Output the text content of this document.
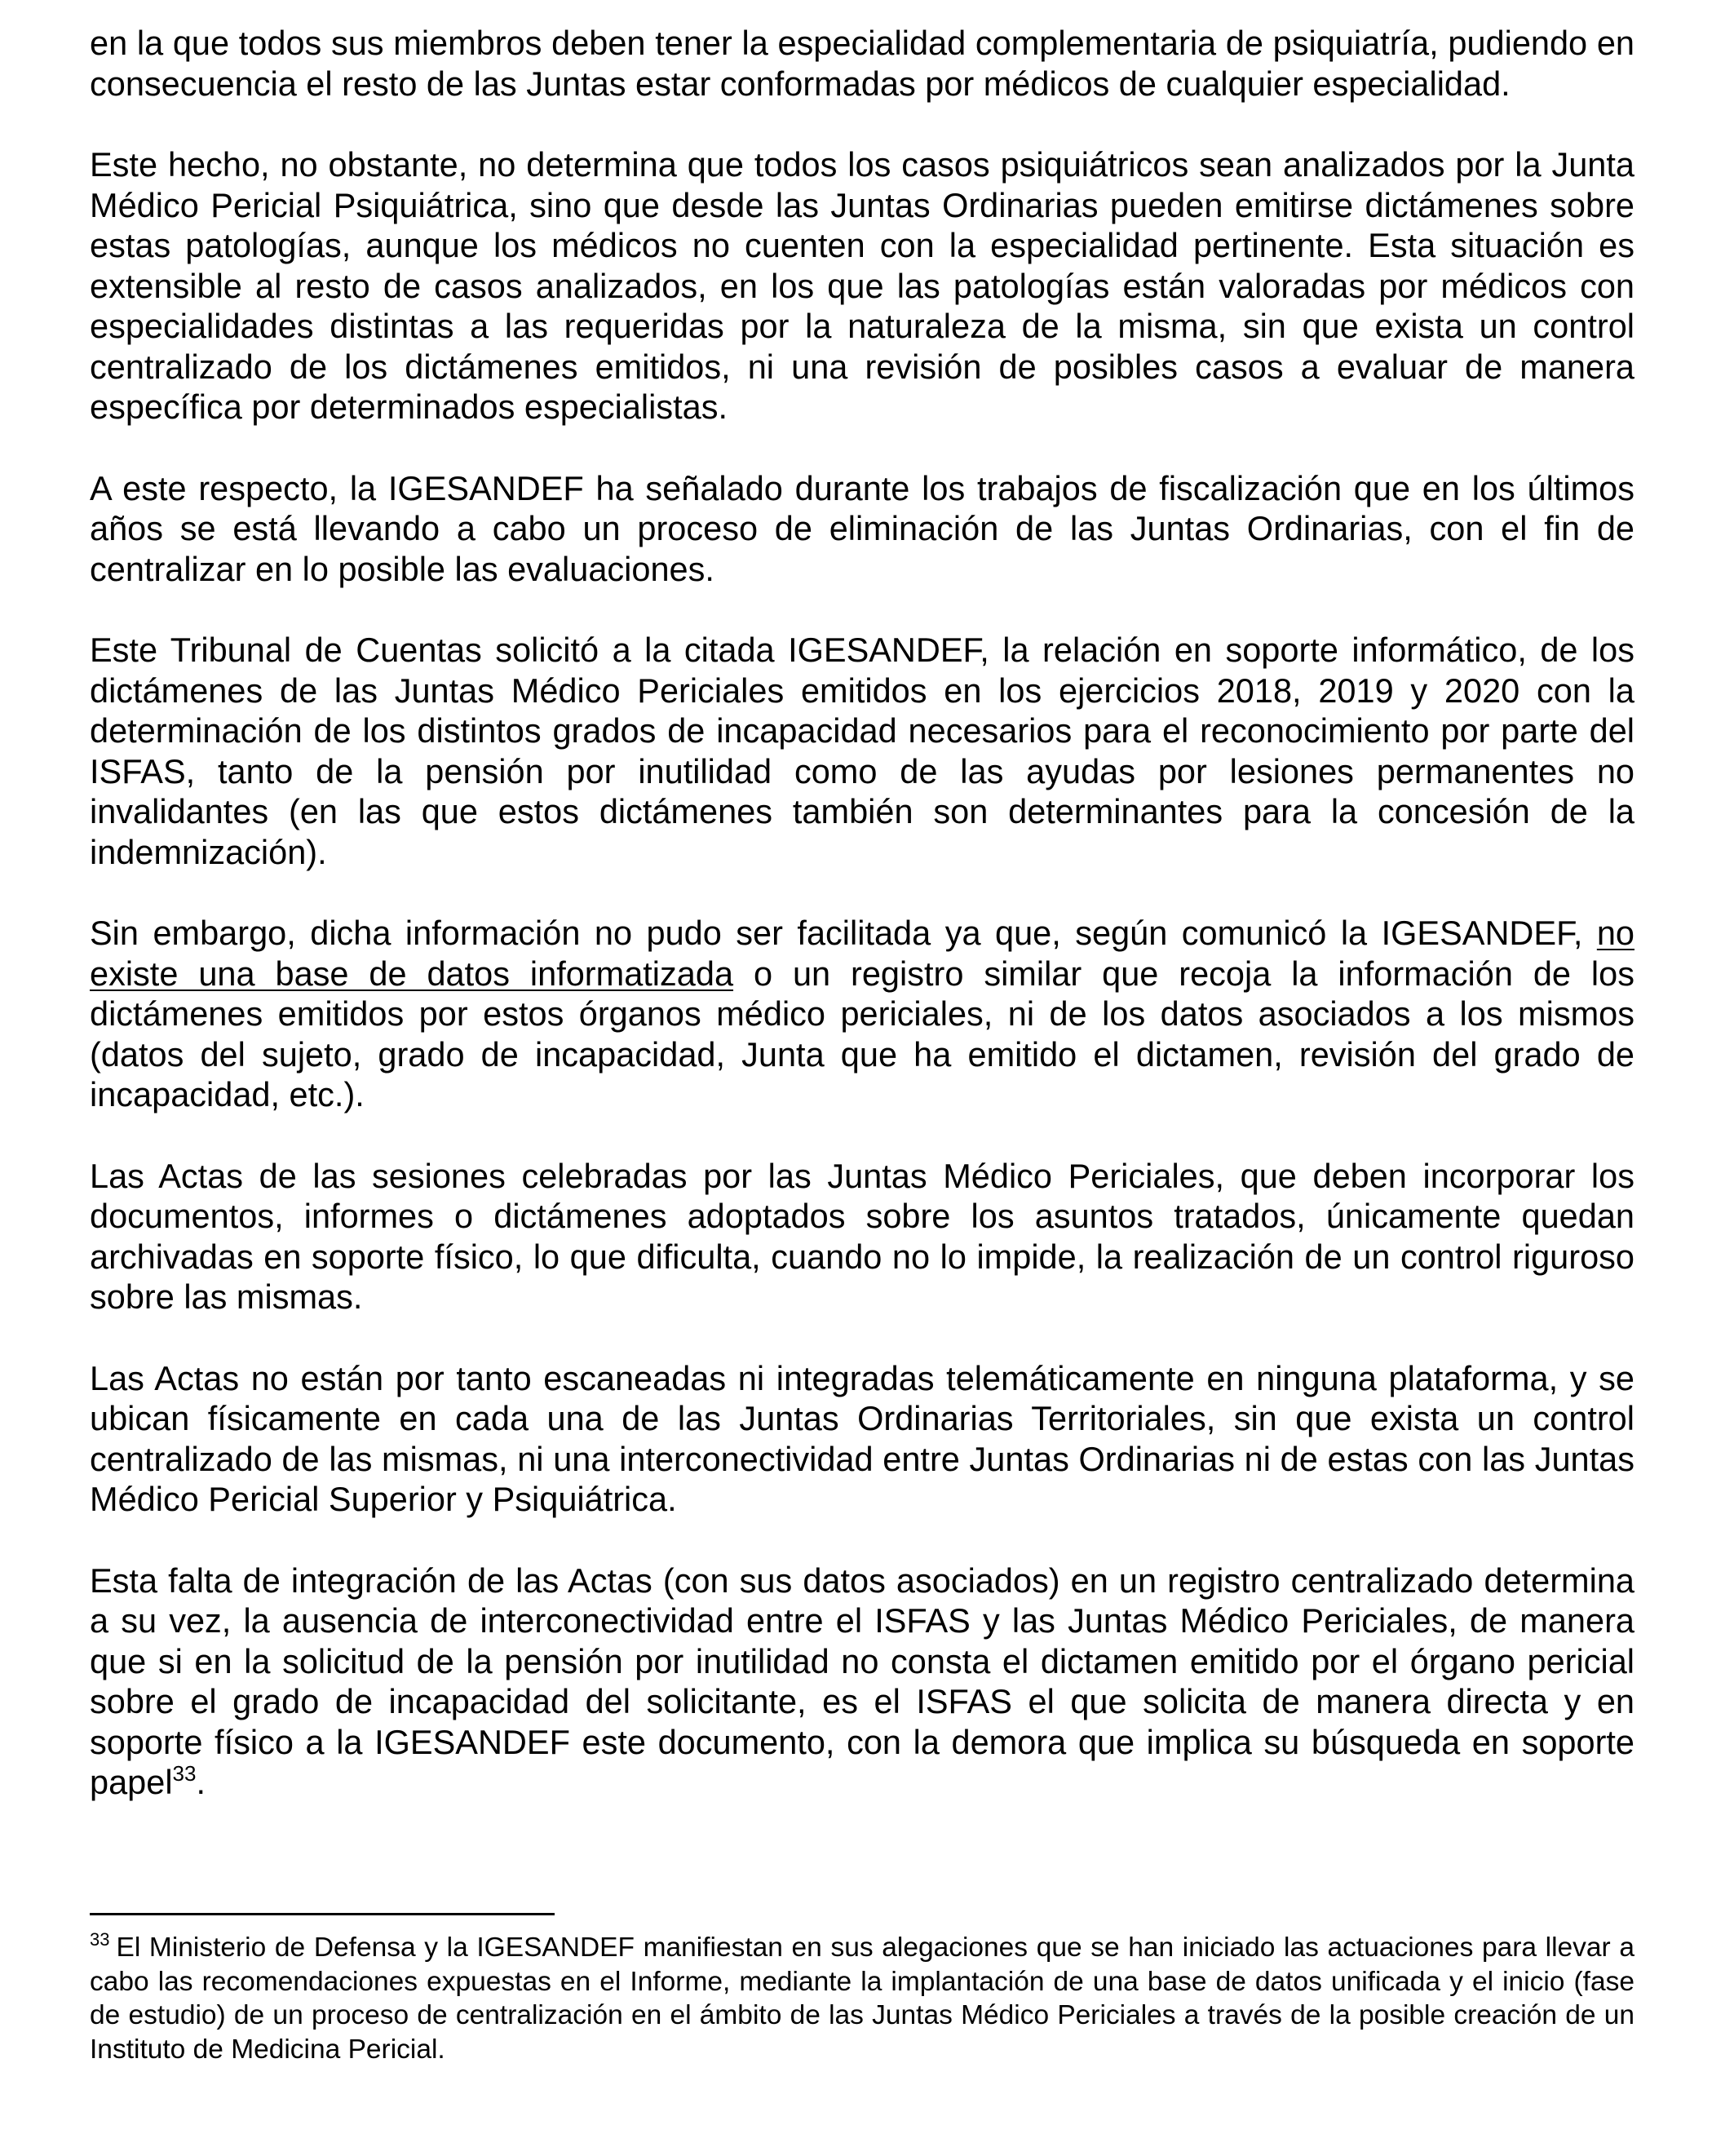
en la que todos sus miembros deben tener la especialidad complementaria de psiquiatría, pudiendo en consecuencia el resto de las Juntas estar conformadas por médicos de cualquier especialidad.

Este hecho, no obstante, no determina que todos los casos psiquiátricos sean analizados por la Junta Médico Pericial Psiquiátrica, sino que desde las Juntas Ordinarias pueden emitirse dictámenes sobre estas patologías, aunque los médicos no cuenten con la especialidad pertinente. Esta situación es extensible al resto de casos analizados, en los que las patologías están valoradas por médicos con especialidades distintas a las requeridas por la naturaleza de la misma, sin que exista un control centralizado de los dictámenes emitidos, ni una revisión de posibles casos a evaluar de manera específica por determinados especialistas.

A este respecto, la IGESANDEF ha señalado durante los trabajos de fiscalización que en los últimos años se está llevando a cabo un proceso de eliminación de las Juntas Ordinarias, con el fin de centralizar en lo posible las evaluaciones.

Este Tribunal de Cuentas solicitó a la citada IGESANDEF, la relación en soporte informático, de los dictámenes de las Juntas Médico Periciales emitidos en los ejercicios 2018, 2019 y 2020 con la determinación de los distintos grados de incapacidad necesarios para el reconocimiento por parte del ISFAS, tanto de la pensión por inutilidad como de las ayudas por lesiones permanentes no invalidantes (en las que estos dictámenes también son determinantes para la concesión de la indemnización).

Sin embargo, dicha información no pudo ser facilitada ya que, según comunicó la IGESANDEF, no existe una base de datos informatizada o un registro similar que recoja la información de los dictámenes emitidos por estos órganos médico periciales, ni de los datos asociados a los mismos (datos del sujeto, grado de incapacidad, Junta que ha emitido el dictamen, revisión del grado de incapacidad, etc.).

Las Actas de las sesiones celebradas por las Juntas Médico Periciales, que deben incorporar los documentos, informes o dictámenes adoptados sobre los asuntos tratados, únicamente quedan archivadas en soporte físico, lo que dificulta, cuando no lo impide, la realización de un control riguroso sobre las mismas.

Las Actas no están por tanto escaneadas ni integradas telemáticamente en ninguna plataforma, y se ubican físicamente en cada una de las Juntas Ordinarias Territoriales, sin que exista un control centralizado de las mismas, ni una interconectividad entre Juntas Ordinarias ni de estas con las Juntas Médico Pericial Superior y Psiquiátrica.

Esta falta de integración de las Actas (con sus datos asociados) en un registro centralizado determina a su vez, la ausencia de interconectividad entre el ISFAS y las Juntas Médico Periciales, de manera que si en la solicitud de la pensión por inutilidad no consta el dictamen emitido por el órgano pericial sobre el grado de incapacidad del solicitante, es el ISFAS el que solicita de manera directa y en soporte físico a la IGESANDEF este documento, con la demora que implica su búsqueda en soporte papel$^{33}$.

$^{33}$ El Ministerio de Defensa y la IGESANDEF manifiestan en sus alegaciones que se han iniciado las actuaciones para llevar a cabo las recomendaciones expuestas en el Informe, mediante la implantación de una base de datos unificada y el inicio (fase de estudio) de un proceso de centralización en el ámbito de las Juntas Médico Periciales a través de la posible creación de un Instituto de Medicina Pericial.
